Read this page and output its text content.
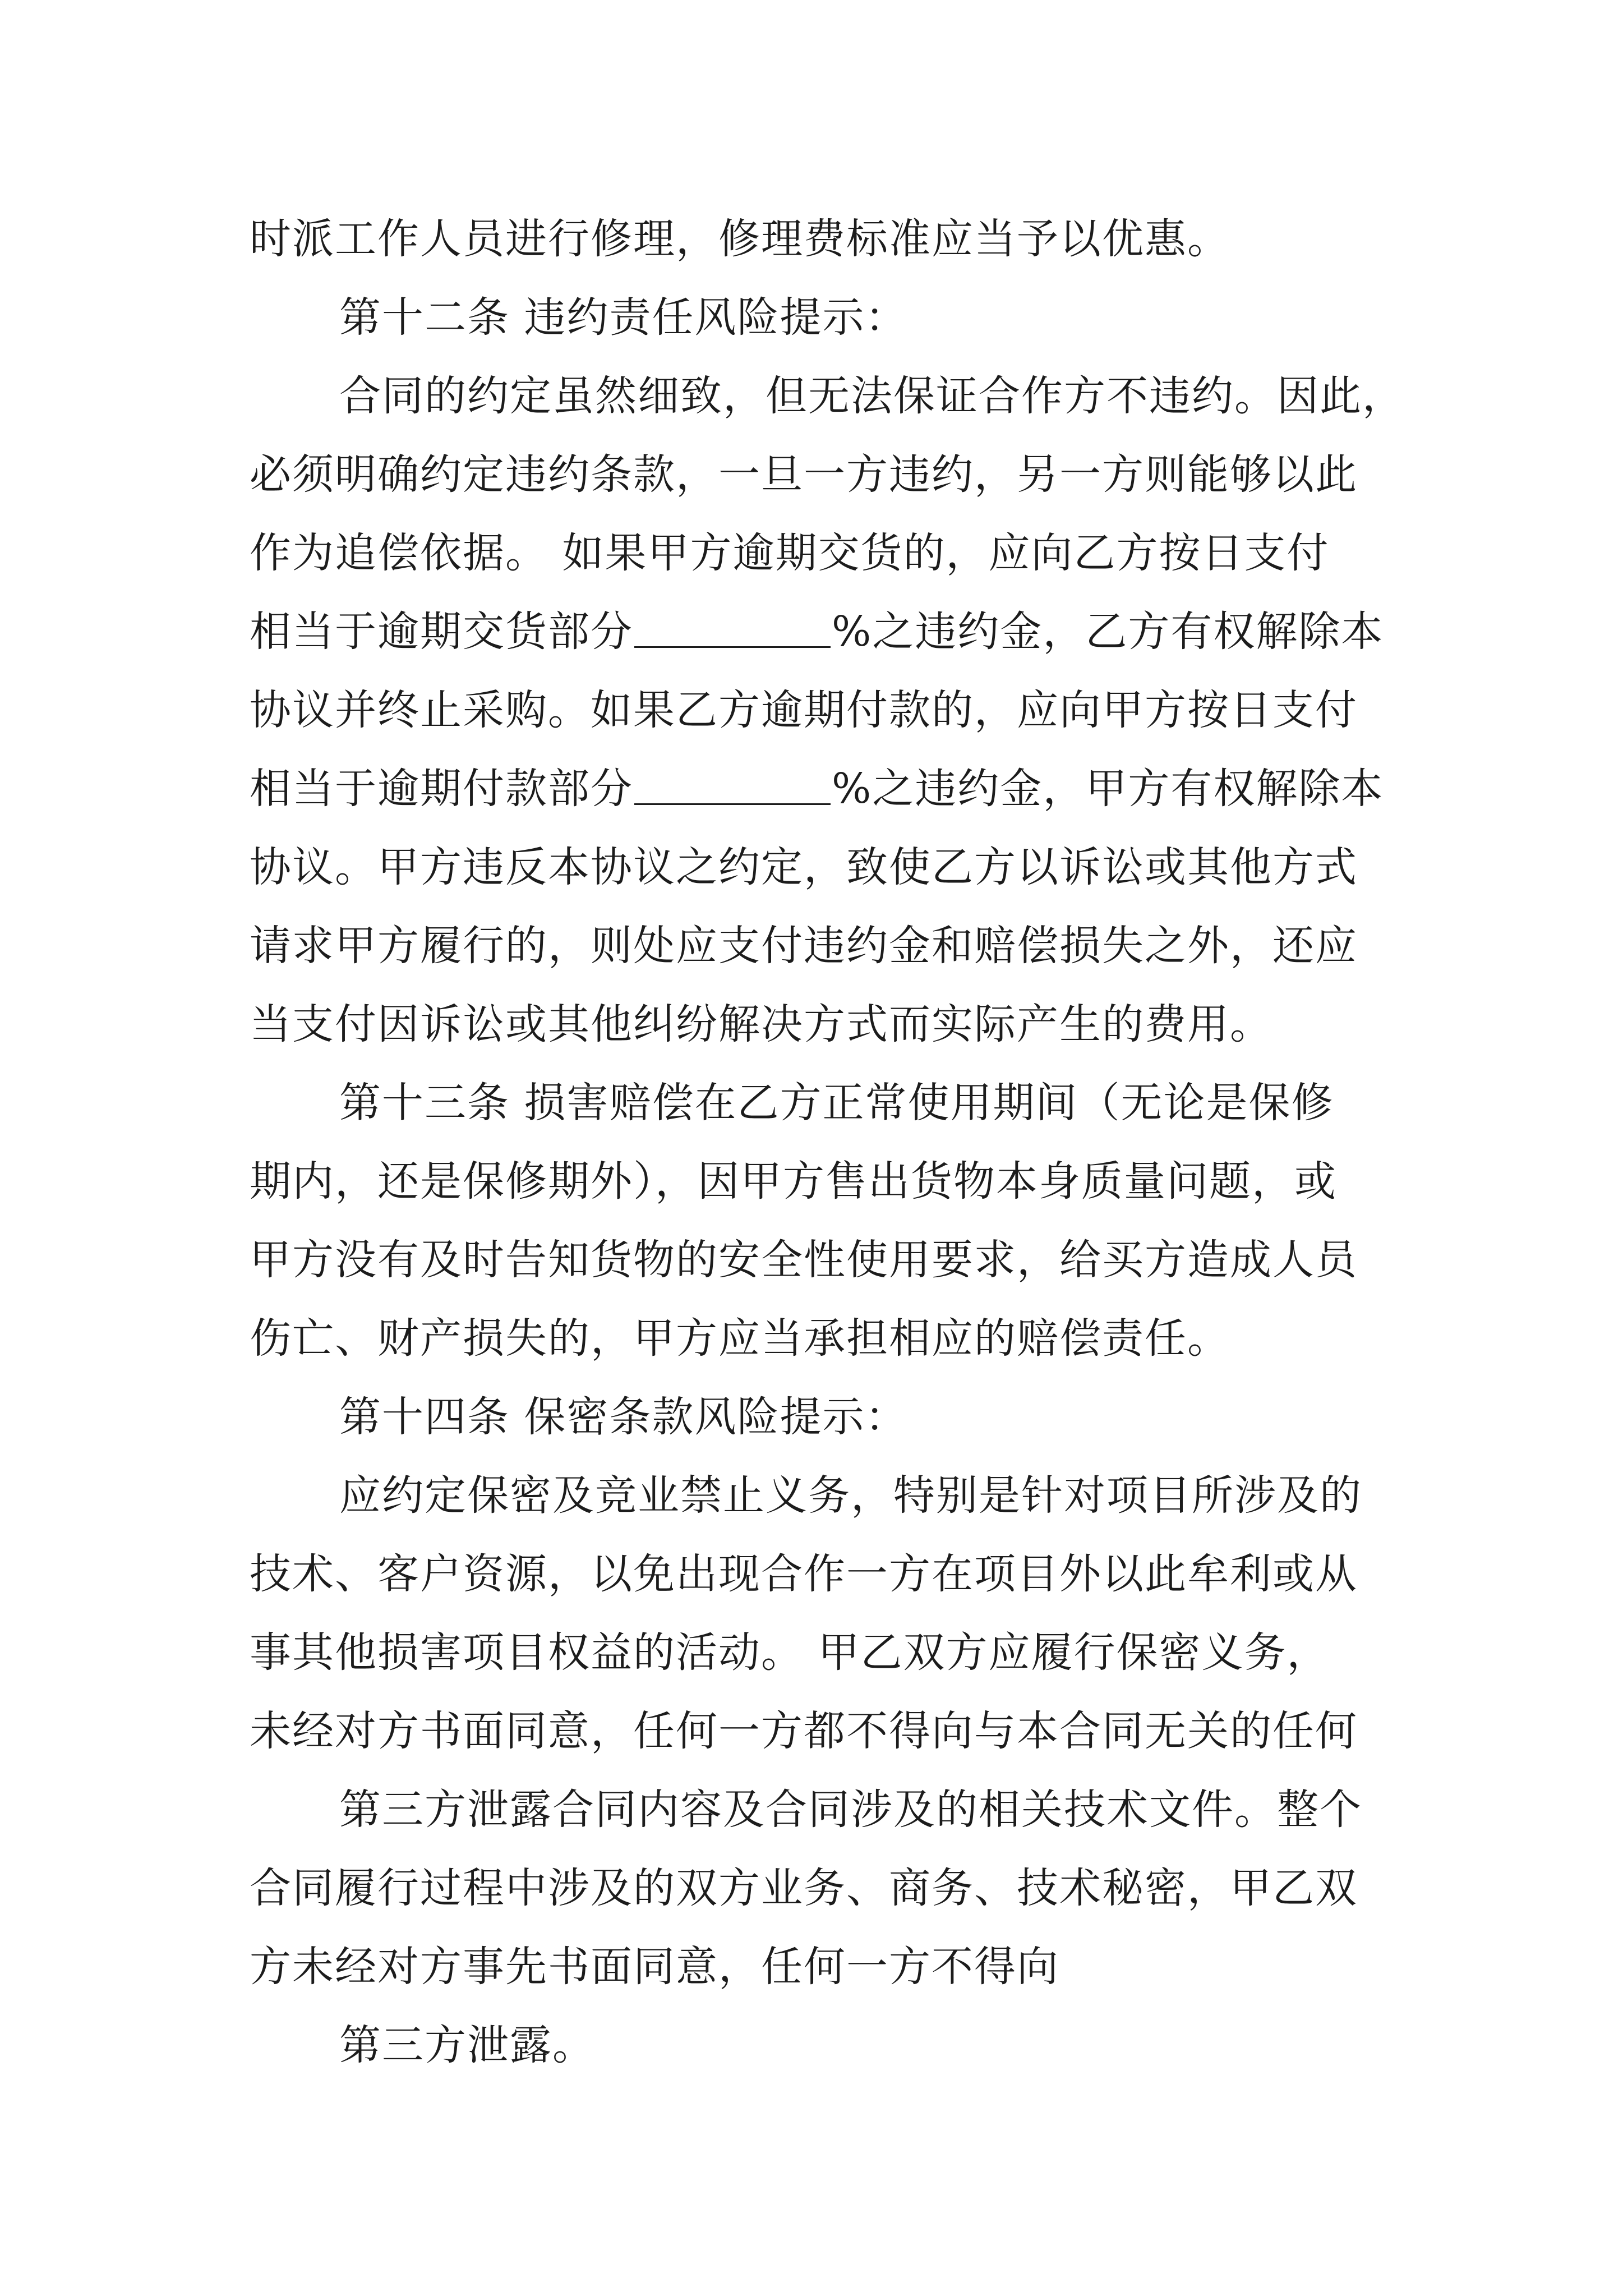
时派工作人员进行修理，修理费标准应当予以优惠。
第十二条 违约责任风险提示：
合同的约定虽然细致，但无法保证合作方不违约。因此，
必须明确约定违约条款，一旦一方违约，另一方则能够以此
作为追偿依据。 如果甲方逾期交货的，应向乙方按日支付
相当于逾期交货部分	%之违约金，乙方有权解除本
协议并终止采购。如果乙方逾期付款的，应向甲方按日支付
相当于逾期付款部分	%之违约金，甲方有权解除本
协议。甲方违反本协议之约定，致使乙方以诉讼或其他方式
请求甲方履行的，则处应支付违约金和赔偿损失之外，还应
当支付因诉讼或其他纠纷解决方式而实际产生的费用。
第十三条 损害赔偿在乙方正常使用期间（无论是保修
期内，还是保修期外），因甲方售出货物本身质量问题，或
甲方没有及时告知货物的安全性使用要求，给买方造成人员
伤亡、财产损失的，甲方应当承担相应的赔偿责任。
第十四条 保密条款风险提示：
应约定保密及竞业禁止义务，特别是针对项目所涉及的
技术、客户资源，以免出现合作一方在项目外以此牟利或从
事其他损害项目权益的活动。 甲乙双方应履行保密义务，
未经对方书面同意，任何一方都不得向与本合同无关的任何
第三方泄露合同内容及合同涉及的相关技术文件。整个
合同履行过程中涉及的双方业务、商务、技术秘密，甲乙双
方未经对方事先书面同意，任何一方不得向
第三方泄露。
